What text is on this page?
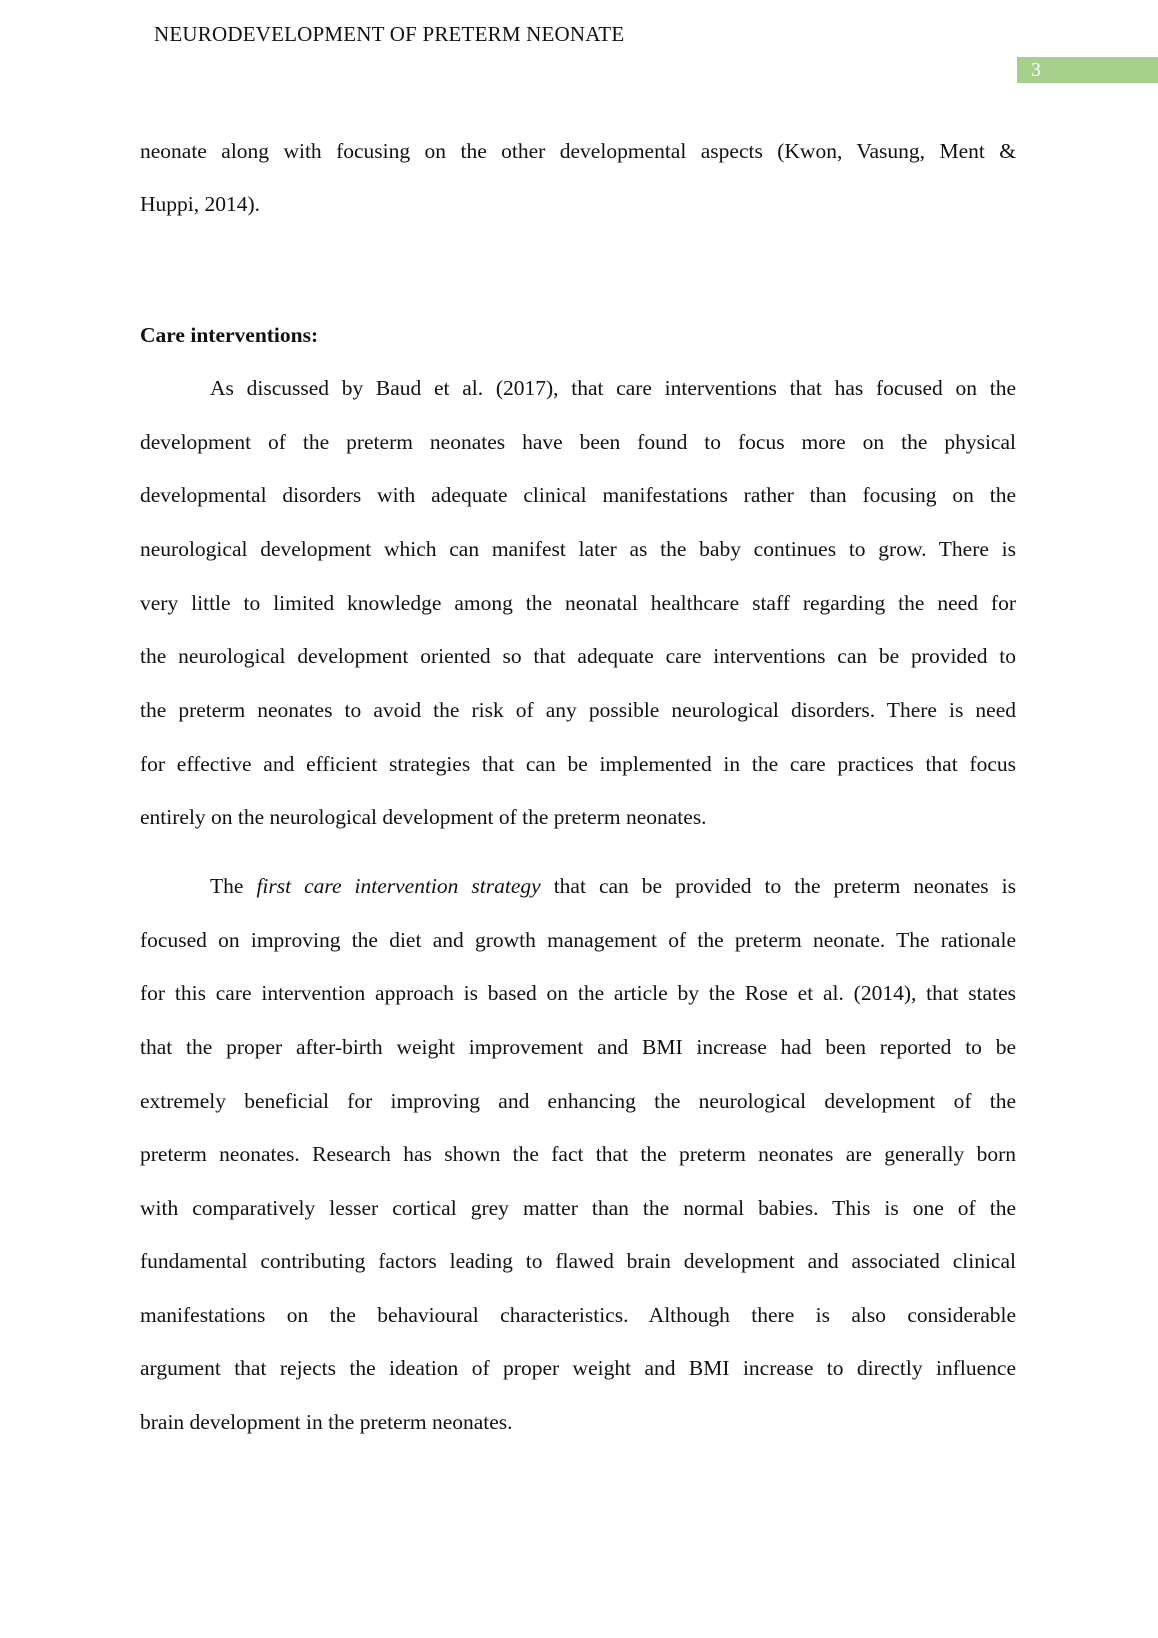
NEURODEVELOPMENT OF PRETERM NEONATE
3
neonate along with focusing on the other developmental aspects (Kwon, Vasung, Ment &
Huppi, 2014).
Care interventions:
As discussed by Baud et al. (2017), that care interventions that has focused on the
development of the preterm neonates have been found to focus more on the physical
developmental disorders with adequate clinical manifestations rather than focusing on the
neurological development which can manifest later as the baby continues to grow. There is
very little to limited knowledge among the neonatal healthcare staff regarding the need for
the neurological development oriented so that adequate care interventions can be provided to
the preterm neonates to avoid the risk of any possible neurological disorders. There is need
for effective and efficient strategies that can be implemented in the care practices that focus
entirely on the neurological development of the preterm neonates.
The first care intervention strategy that can be provided to the preterm neonates is
focused on improving the diet and growth management of the preterm neonate. The rationale
for this care intervention approach is based on the article by the Rose et al. (2014), that states
that the proper after-birth weight improvement and BMI increase had been reported to be
extremely beneficial for improving and enhancing the neurological development of the
preterm neonates. Research has shown the fact that the preterm neonates are generally born
with comparatively lesser cortical grey matter than the normal babies. This is one of the
fundamental contributing factors leading to flawed brain development and associated clinical
manifestations on the behavioural characteristics. Although there is also considerable
argument that rejects the ideation of proper weight and BMI increase to directly influence
brain development in the preterm neonates.
